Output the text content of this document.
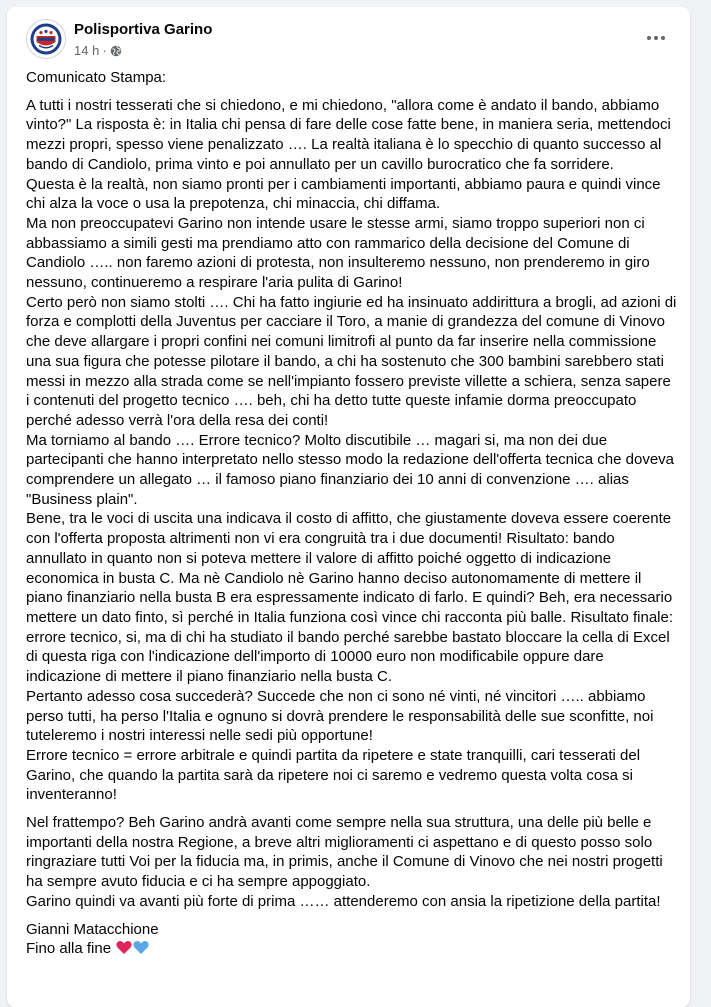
Polisportiva Garino
14 h ·

Comunicato Stampa:

A tutti i nostri tesserati che si chiedono, e mi chiedono, "allora come è andato il bando, abbiamo vinto?" La risposta è: in Italia chi pensa di fare delle cose fatte bene, in maniera seria, mettendoci mezzi propri, spesso viene penalizzato …. La realtà italiana è lo specchio di quanto successo al bando di Candiolo, prima vinto e poi annullato per un cavillo burocratico che fa sorridere.
Questa è la realtà, non siamo pronti per i cambiamenti importanti, abbiamo paura e quindi vince chi alza la voce o usa la prepotenza, chi minaccia, chi diffama.
Ma non preoccupatevi Garino non intende usare le stesse armi, siamo troppo superiori non ci abbassiamo a simili gesti ma prendiamo atto con rammarico della decisione del Comune di Candiolo ….. non faremo azioni di protesta, non insulteremo nessuno, non prenderemo in giro nessuno, continueremo a respirare l'aria pulita di Garino!
Certo però non siamo stolti …. Chi ha fatto ingiurie ed ha insinuato addirittura a brogli, ad azioni di forza e complotti della Juventus per cacciare il Toro, a manie di grandezza del comune di Vinovo che deve allargare i propri confini nei comuni limitrofi al punto da far inserire nella commissione una sua figura che potesse pilotare il bando, a chi ha sostenuto che 300 bambini sarebbero stati messi in mezzo alla strada come se nell'impianto fossero previste villette a schiera, senza sapere i contenuti del progetto tecnico …. beh, chi ha detto tutte queste infamie dorma preoccupato perché adesso verrà l'ora della resa dei conti!
Ma torniamo al bando …. Errore tecnico? Molto discutibile … magari si, ma non dei due partecipanti che hanno interpretato nello stesso modo la redazione dell'offerta tecnica che doveva comprendere un allegato … il famoso piano finanziario dei 10 anni di convenzione …. alias "Business plain".
Bene, tra le voci di uscita una indicava il costo di affitto, che giustamente doveva essere coerente con l'offerta proposta altrimenti non vi era congruità tra i due documenti! Risultato: bando annullato in quanto non si poteva mettere il valore di affitto poiché oggetto di indicazione economica in busta C. Ma nè Candiolo nè Garino hanno deciso autonomamente di mettere il piano finanziario nella busta B era espressamente indicato di farlo. E quindi? Beh, era necessario mettere un dato finto, sì perché in Italia funziona così vince chi racconta più balle. Risultato finale: errore tecnico, si, ma di chi ha studiato il bando perché sarebbe bastato bloccare la cella di Excel di questa riga con l'indicazione dell'importo di 10000 euro non modificabile oppure dare indicazione di mettere il piano finanziario nella busta C.
Pertanto adesso cosa succederà? Succede che non ci sono né vinti, né vincitori ….. abbiamo perso tutti, ha perso l'Italia e ognuno si dovrà prendere le responsabilità delle sue sconfitte, noi tuteleremo i nostri interessi nelle sedi più opportune!
Errore tecnico = errore arbitrale e quindi partita da ripetere e state tranquilli, cari tesserati del Garino, che quando la partita sarà da ripetere noi ci saremo e vedremo questa volta cosa si inventeranno!

Nel frattempo? Beh Garino andrà avanti come sempre nella sua struttura, una delle più belle e importanti della nostra Regione, a breve altri miglioramenti ci aspettano e di questo posso solo ringraziare tutti Voi per la fiducia ma, in primis, anche il Comune di Vinovo che nei nostri progetti ha sempre avuto fiducia e ci ha sempre appoggiato.
Garino quindi va avanti più forte di prima …… attenderemo con ansia la ripetizione della partita!

Gianni Matacchione
Fino alla fine
